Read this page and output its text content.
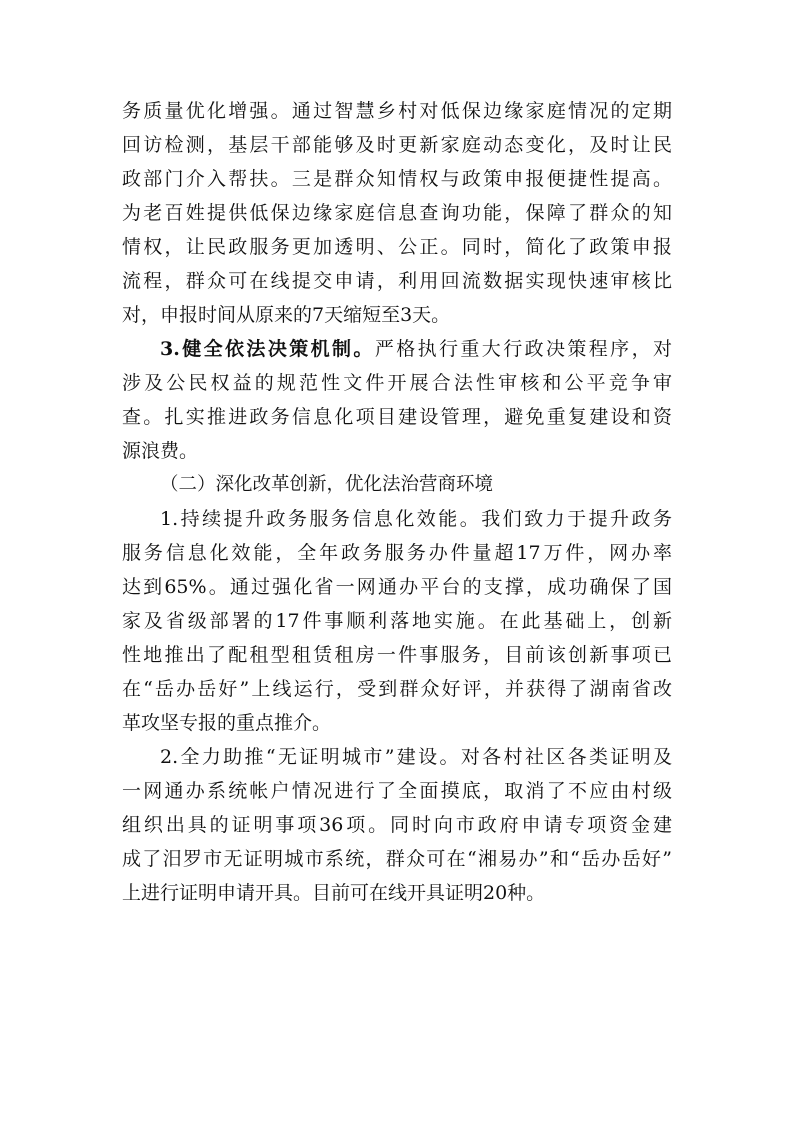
务质量优化增强。通过智慧乡村对低保边缘家庭情况的定期
回访检测，基层干部能够及时更新家庭动态变化，及时让民
政部门介入帮扶。三是群众知情权与政策申报便捷性提高。
为老百姓提供低保边缘家庭信息查询功能，保障了群众的知
情权，让民政服务更加透明、公正。同时，简化了政策申报
流程，群众可在线提交申请，利用回流数据实现快速审核比
对，申报时间从原来的7天缩短至3天。
3.健全依法决策机制。严格执行重大行政决策程序，对
涉及公民权益的规范性文件开展合法性审核和公平竞争审
查。扎实推进政务信息化项目建设管理，避免重复建设和资
源浪费。
（二）深化改革创新，优化法治营商环境
1.持续提升政务服务信息化效能。我们致力于提升政务
服务信息化效能，全年政务服务办件量超17万件，网办率
达到65%。通过强化省一网通办平台的支撑，成功确保了国
家及省级部署的17件事顺利落地实施。在此基础上，创新
性地推出了配租型租赁租房一件事服务，目前该创新事项已
在“岳办岳好”上线运行，受到群众好评，并获得了湖南省改
革攻坚专报的重点推介。
2.全力助推“无证明城市”建设。对各村社区各类证明及
一网通办系统帐户情况进行了全面摸底，取消了不应由村级
组织出具的证明事项36项。同时向市政府申请专项资金建
成了汨罗市无证明城市系统，群众可在“湘易办”和“岳办岳好”
上进行证明申请开具。目前可在线开具证明20种。
